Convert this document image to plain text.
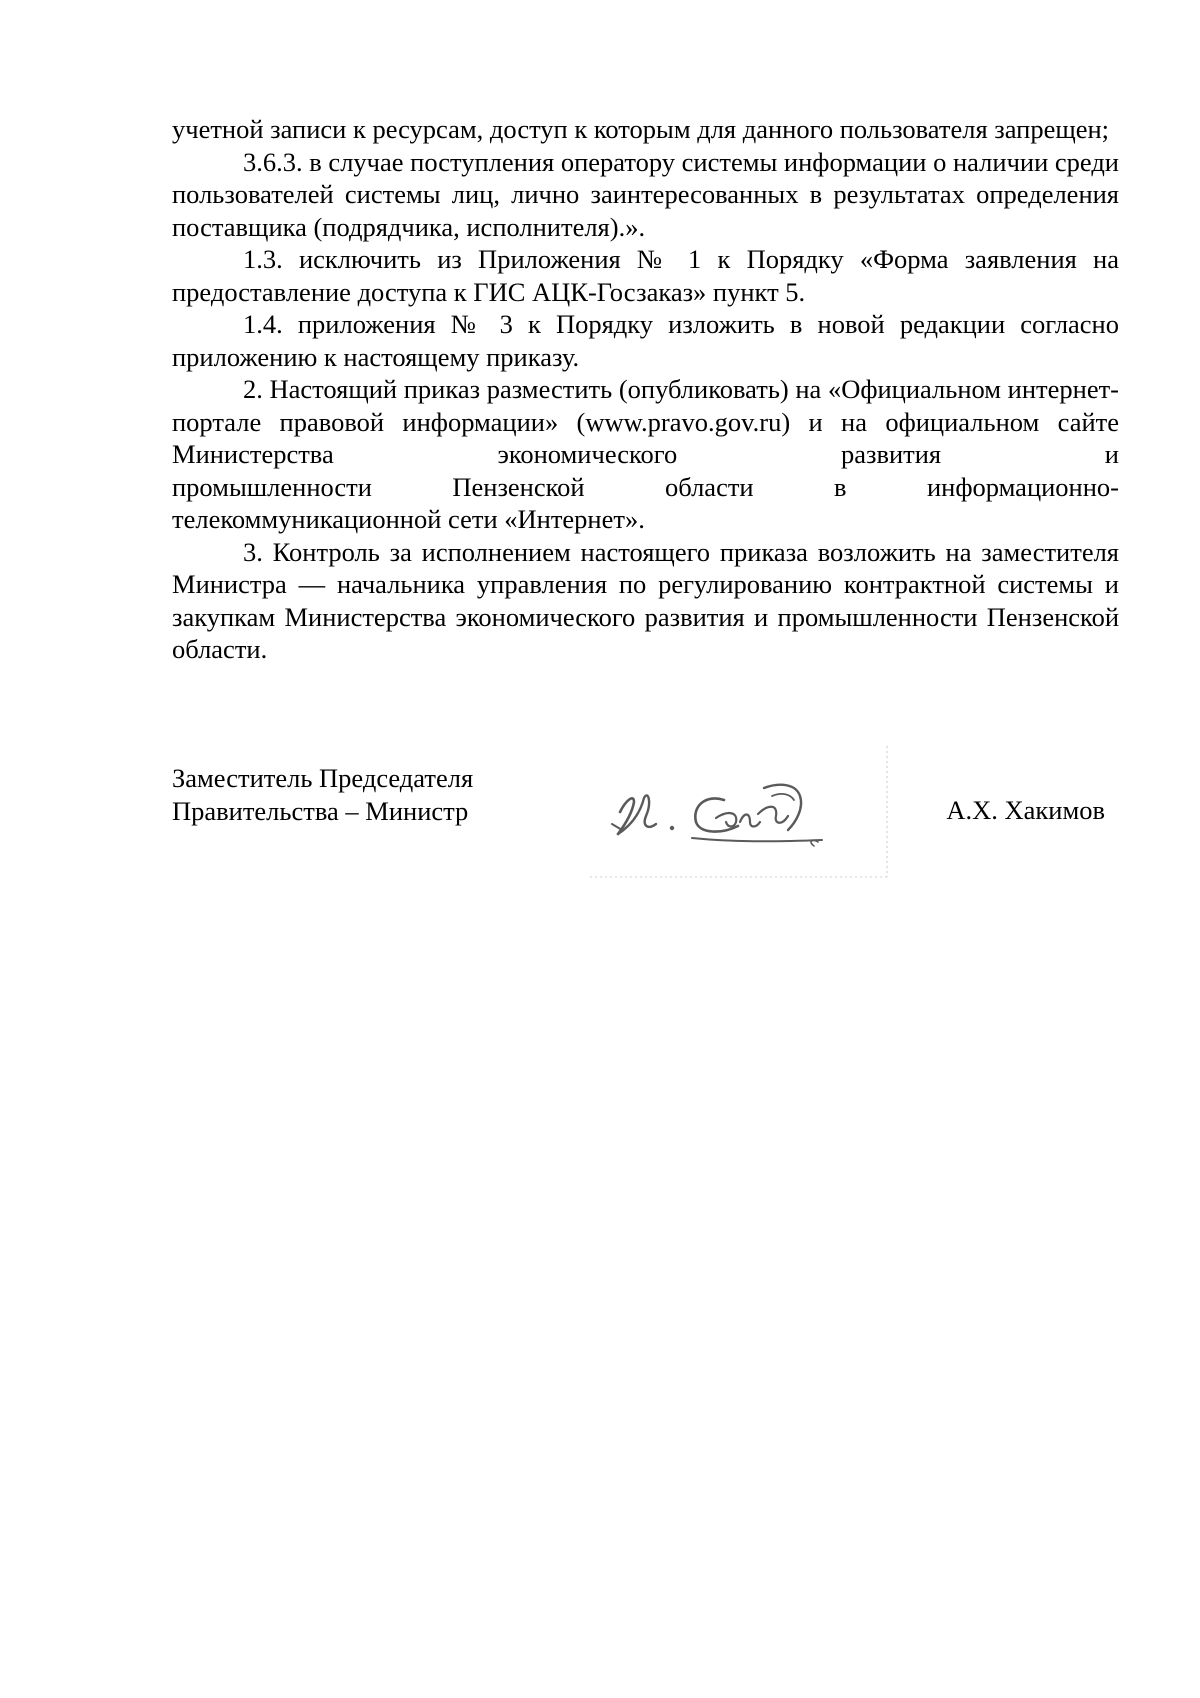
учетной записи к ресурсам, доступ к которым для данного пользователя запрещен;

3.6.3. в случае поступления оператору системы информации о наличии среди пользователей системы лиц, лично заинтересованных в результатах определения поставщика (подрядчика, исполнителя).».

1.3. исключить из Приложения № 1 к Порядку «Форма заявления на предоставление доступа к ГИС АЦК-Госзаказ» пункт 5.

1.4. приложения № 3 к Порядку изложить в новой редакции согласно приложению к настоящему приказу.

2. Настоящий приказ разместить (опубликовать) на «Официальном интернет-портале правовой информации» (www.pravo.gov.ru) и на официальном сайте Министерства экономического развития и

промышленности Пензенской области в информационно-

телекоммуникационной сети «Интернет».

3. Контроль за исполнением настоящего приказа возложить на заместителя Министра — начальника управления по регулированию контрактной системы и закупкам Министерства экономического развития и промышленности Пензенской области.

Заместитель Председателя
Правительства – Министр	А.Х. Хакимов
